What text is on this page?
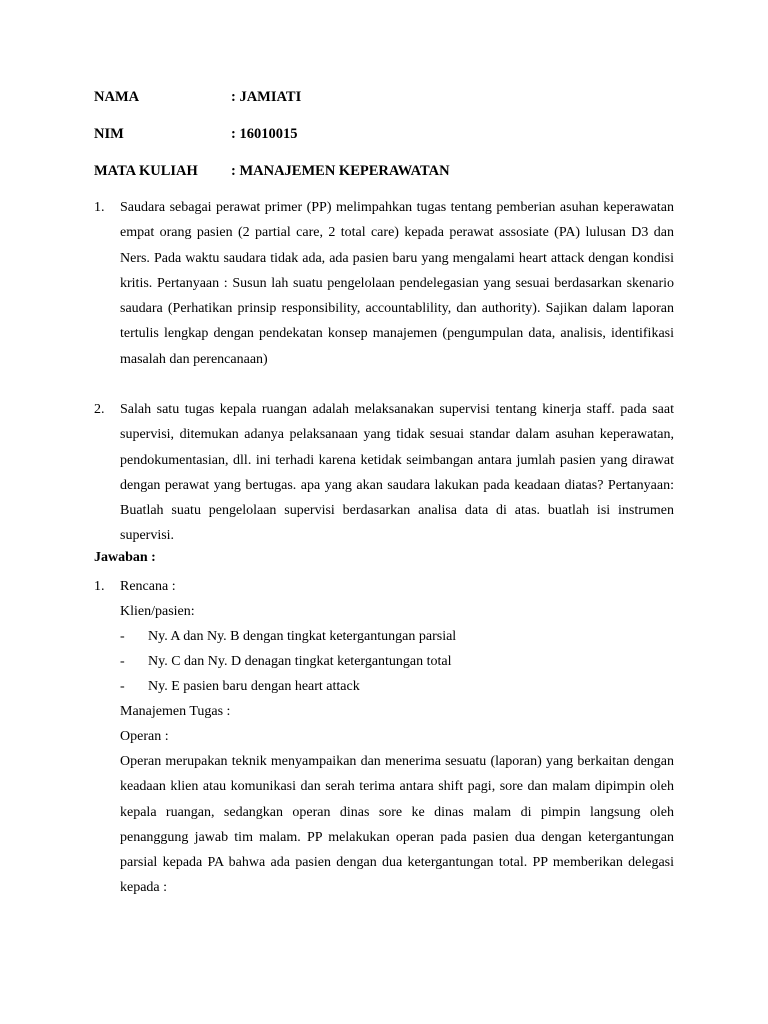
NAMA	: JAMIATI
NIM	: 16010015
MATA KULIAH : MANAJEMEN KEPERAWATAN
1. Saudara sebagai perawat primer (PP) melimpahkan tugas tentang pemberian asuhan keperawatan empat orang pasien (2 partial care, 2 total care) kepada perawat assosiate (PA) lulusan D3 dan Ners. Pada waktu saudara tidak ada, ada pasien baru yang mengalami heart attack dengan kondisi kritis. Pertanyaan : Susun lah suatu pengelolaan pendelegasian yang sesuai berdasarkan skenario saudara (Perhatikan prinsip responsibility, accountablility, dan authority). Sajikan dalam laporan tertulis lengkap dengan pendekatan konsep manajemen (pengumpulan data, analisis, identifikasi masalah dan perencanaan)
2. Salah satu tugas kepala ruangan adalah melaksanakan supervisi tentang kinerja staff. pada saat supervisi, ditemukan adanya pelaksanaan yang tidak sesuai standar dalam asuhan keperawatan, pendokumentasian, dll. ini terhadi karena ketidak seimbangan antara jumlah pasien yang dirawat dengan perawat yang bertugas. apa yang akan saudara lakukan pada keadaan diatas? Pertanyaan: Buatlah suatu pengelolaan supervisi berdasarkan analisa data di atas. buatlah isi instrumen supervisi.
Jawaban :
1. Rencana :
Klien/pasien:
- Ny. A dan Ny. B dengan tingkat ketergantungan parsial
- Ny. C dan Ny. D denagan tingkat ketergantungan total
- Ny. E pasien baru dengan heart attack
Manajemen Tugas :
Operan :
Operan merupakan teknik menyampaikan dan menerima sesuatu (laporan) yang berkaitan dengan keadaan klien atau komunikasi dan serah terima antara shift pagi, sore dan malam dipimpin oleh kepala ruangan, sedangkan operan dinas sore ke dinas malam di pimpin langsung oleh penanggung jawab tim malam. PP melakukan operan pada pasien dua dengan ketergantungan parsial kepada PA bahwa ada pasien dengan dua ketergantungan total. PP memberikan delegasi kepada :
